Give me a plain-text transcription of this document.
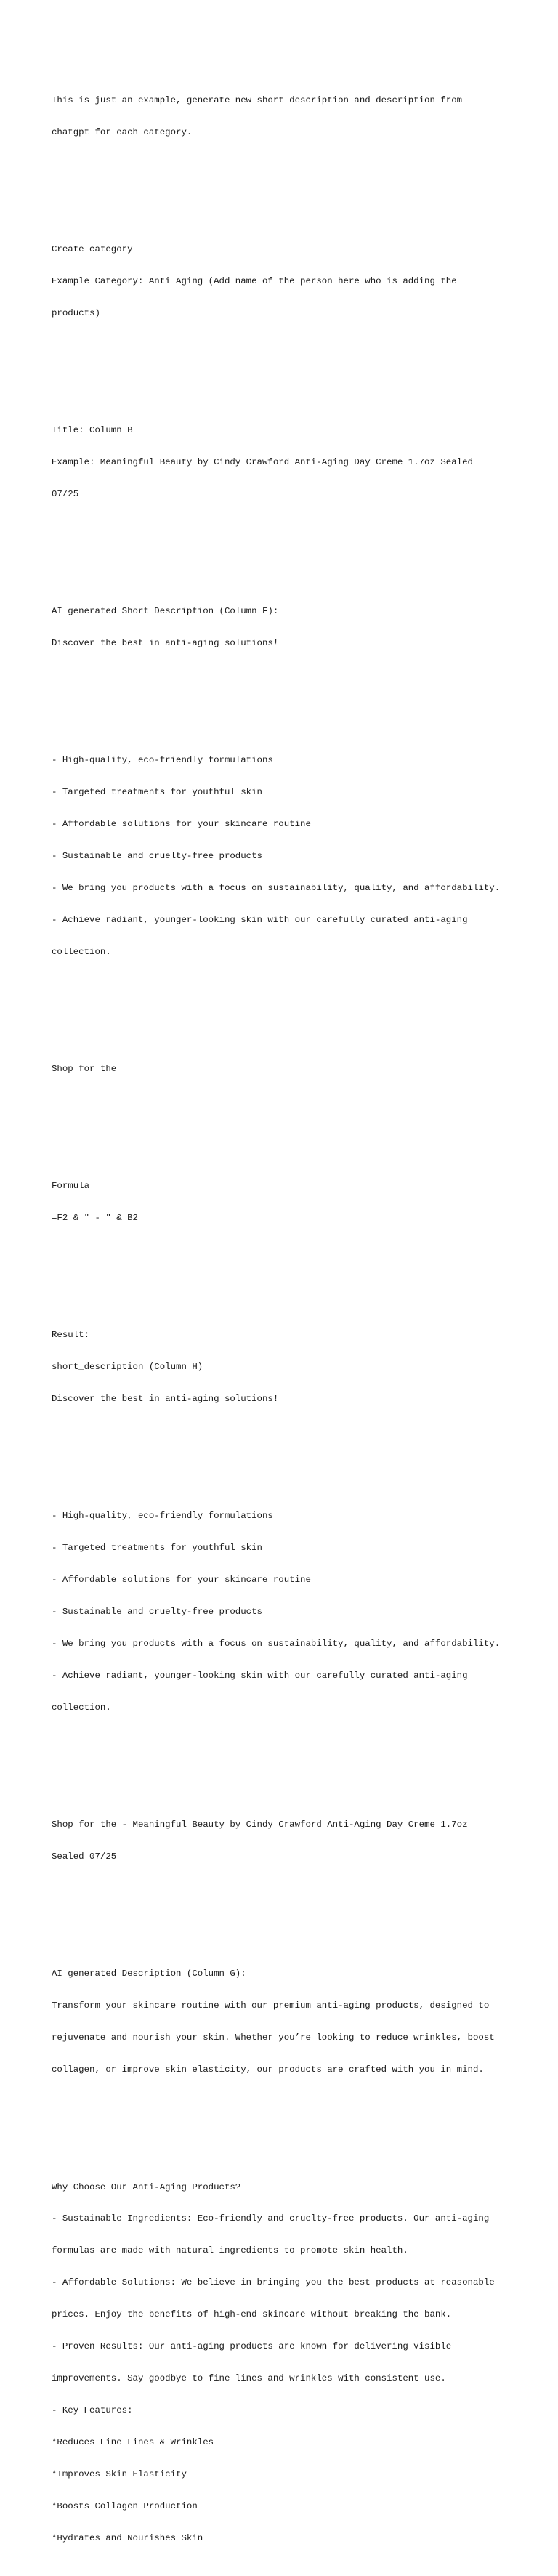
This is just an example, generate new short description and description from

chatgpt for each category.

Create category

Example Category: Anti Aging (Add name of the person here who is adding the

products)

Title: Column B

Example: Meaningful Beauty by Cindy Crawford Anti-Aging Day Creme 1.7oz Sealed

07/25

AI generated Short Description (Column F):

Discover the best in anti-aging solutions!

- High-quality, eco-friendly formulations

- Targeted treatments for youthful skin

- Affordable solutions for your skincare routine

- Sustainable and cruelty-free products

- We bring you products with a focus on sustainability, quality, and affordability.

- Achieve radiant, younger-looking skin with our carefully curated anti-aging

collection.

Shop for the

Formula

=F2 & " - " & B2

Result:

short_description (Column H)

Discover the best in anti-aging solutions!

- High-quality, eco-friendly formulations

- Targeted treatments for youthful skin

- Affordable solutions for your skincare routine

- Sustainable and cruelty-free products

- We bring you products with a focus on sustainability, quality, and affordability.

- Achieve radiant, younger-looking skin with our carefully curated anti-aging

collection.

Shop for the - Meaningful Beauty by Cindy Crawford Anti-Aging Day Creme 1.7oz

Sealed 07/25

AI generated Description (Column G):

Transform your skincare routine with our premium anti-aging products, designed to

rejuvenate and nourish your skin. Whether you’re looking to reduce wrinkles, boost

collagen, or improve skin elasticity, our products are crafted with you in mind.

Why Choose Our Anti-Aging Products?

- Sustainable Ingredients: Eco-friendly and cruelty-free products. Our anti-aging

formulas are made with natural ingredients to promote skin health.

- Affordable Solutions: We believe in bringing you the best products at reasonable

prices. Enjoy the benefits of high-end skincare without breaking the bank.

- Proven Results: Our anti-aging products are known for delivering visible

improvements. Say goodbye to fine lines and wrinkles with consistent use.

- Key Features:

*Reduces Fine Lines & Wrinkles

*Improves Skin Elasticity

*Boosts Collagen Production

*Hydrates and Nourishes Skin
